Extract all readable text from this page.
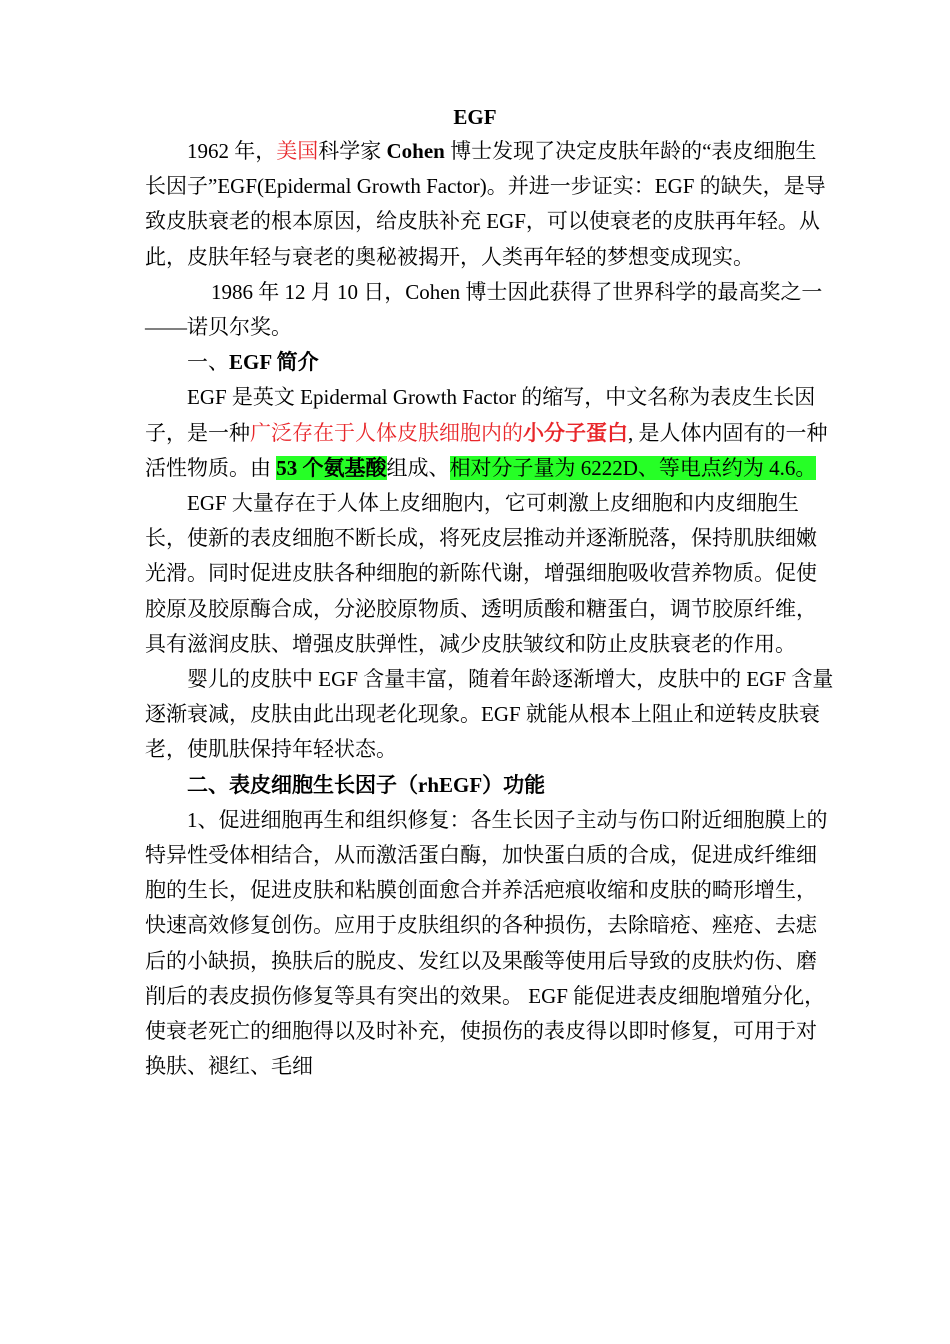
EGF

1962 年，美国科学家 Cohen 博士发现了决定皮肤年龄的“表皮细胞生长因子”EGF(Epidermal Growth Factor)。并进一步证实：EGF 的缺失，是导致皮肤衰老的根本原因，给皮肤补充 EGF，可以使衰老的皮肤再年轻。从此，皮肤年轻与衰老的奥秘被揭开，人类再年轻的梦想变成现实。

1986 年 12 月 10 日，Cohen 博士因此获得了世界科学的最高奖之一——诺贝尔奖。

一、EGF 简介

EGF 是英文 Epidermal Growth Factor 的缩写，中文名称为表皮生长因子，是一种广泛存在于人体皮肤细胞内的小分子蛋白, 是人体内固有的一种活性物质。由 53 个氨基酸组成、相对分子量为 6222D、等电点约为 4.6。

EGF 大量存在于人体上皮细胞内，它可刺激上皮细胞和内皮细胞生长，使新的表皮细胞不断长成，将死皮层推动并逐渐脱落，保持肌肤细嫩光滑。同时促进皮肤各种细胞的新陈代谢，增强细胞吸收营养物质。促使胶原及胶原酶合成，分泌胶原物质、透明质酸和糖蛋白，调节胶原纤维，具有滋润皮肤、增强皮肤弹性，减少皮肤皱纹和防止皮肤衰老的作用。

婴儿的皮肤中 EGF 含量丰富，随着年龄逐渐增大，皮肤中的 EGF 含量逐渐衰减，皮肤由此出现老化现象。EGF 就能从根本上阻止和逆转皮肤衰老，使肌肤保持年轻状态。

二、表皮细胞生长因子（rhEGF）功能

1、促进细胞再生和组织修复：各生长因子主动与伤口附近细胞膜上的特异性受体相结合，从而激活蛋白酶，加快蛋白质的合成，促进成纤维细胞的生长，促进皮肤和粘膜创面愈合并养活疤痕收缩和皮肤的畸形增生，快速高效修复创伤。应用于皮肤组织的各种损伤，去除暗疮、痤疮、去痣后的小缺损，换肤后的脱皮、发红以及果酸等使用后导致的皮肤灼伤、磨削后的表皮损伤修复等具有突出的效果。 EGF 能促进表皮细胞增殖分化，使衰老死亡的细胞得以及时补充，使损伤的表皮得以即时修复，可用于对换肤、褪红、毛细
